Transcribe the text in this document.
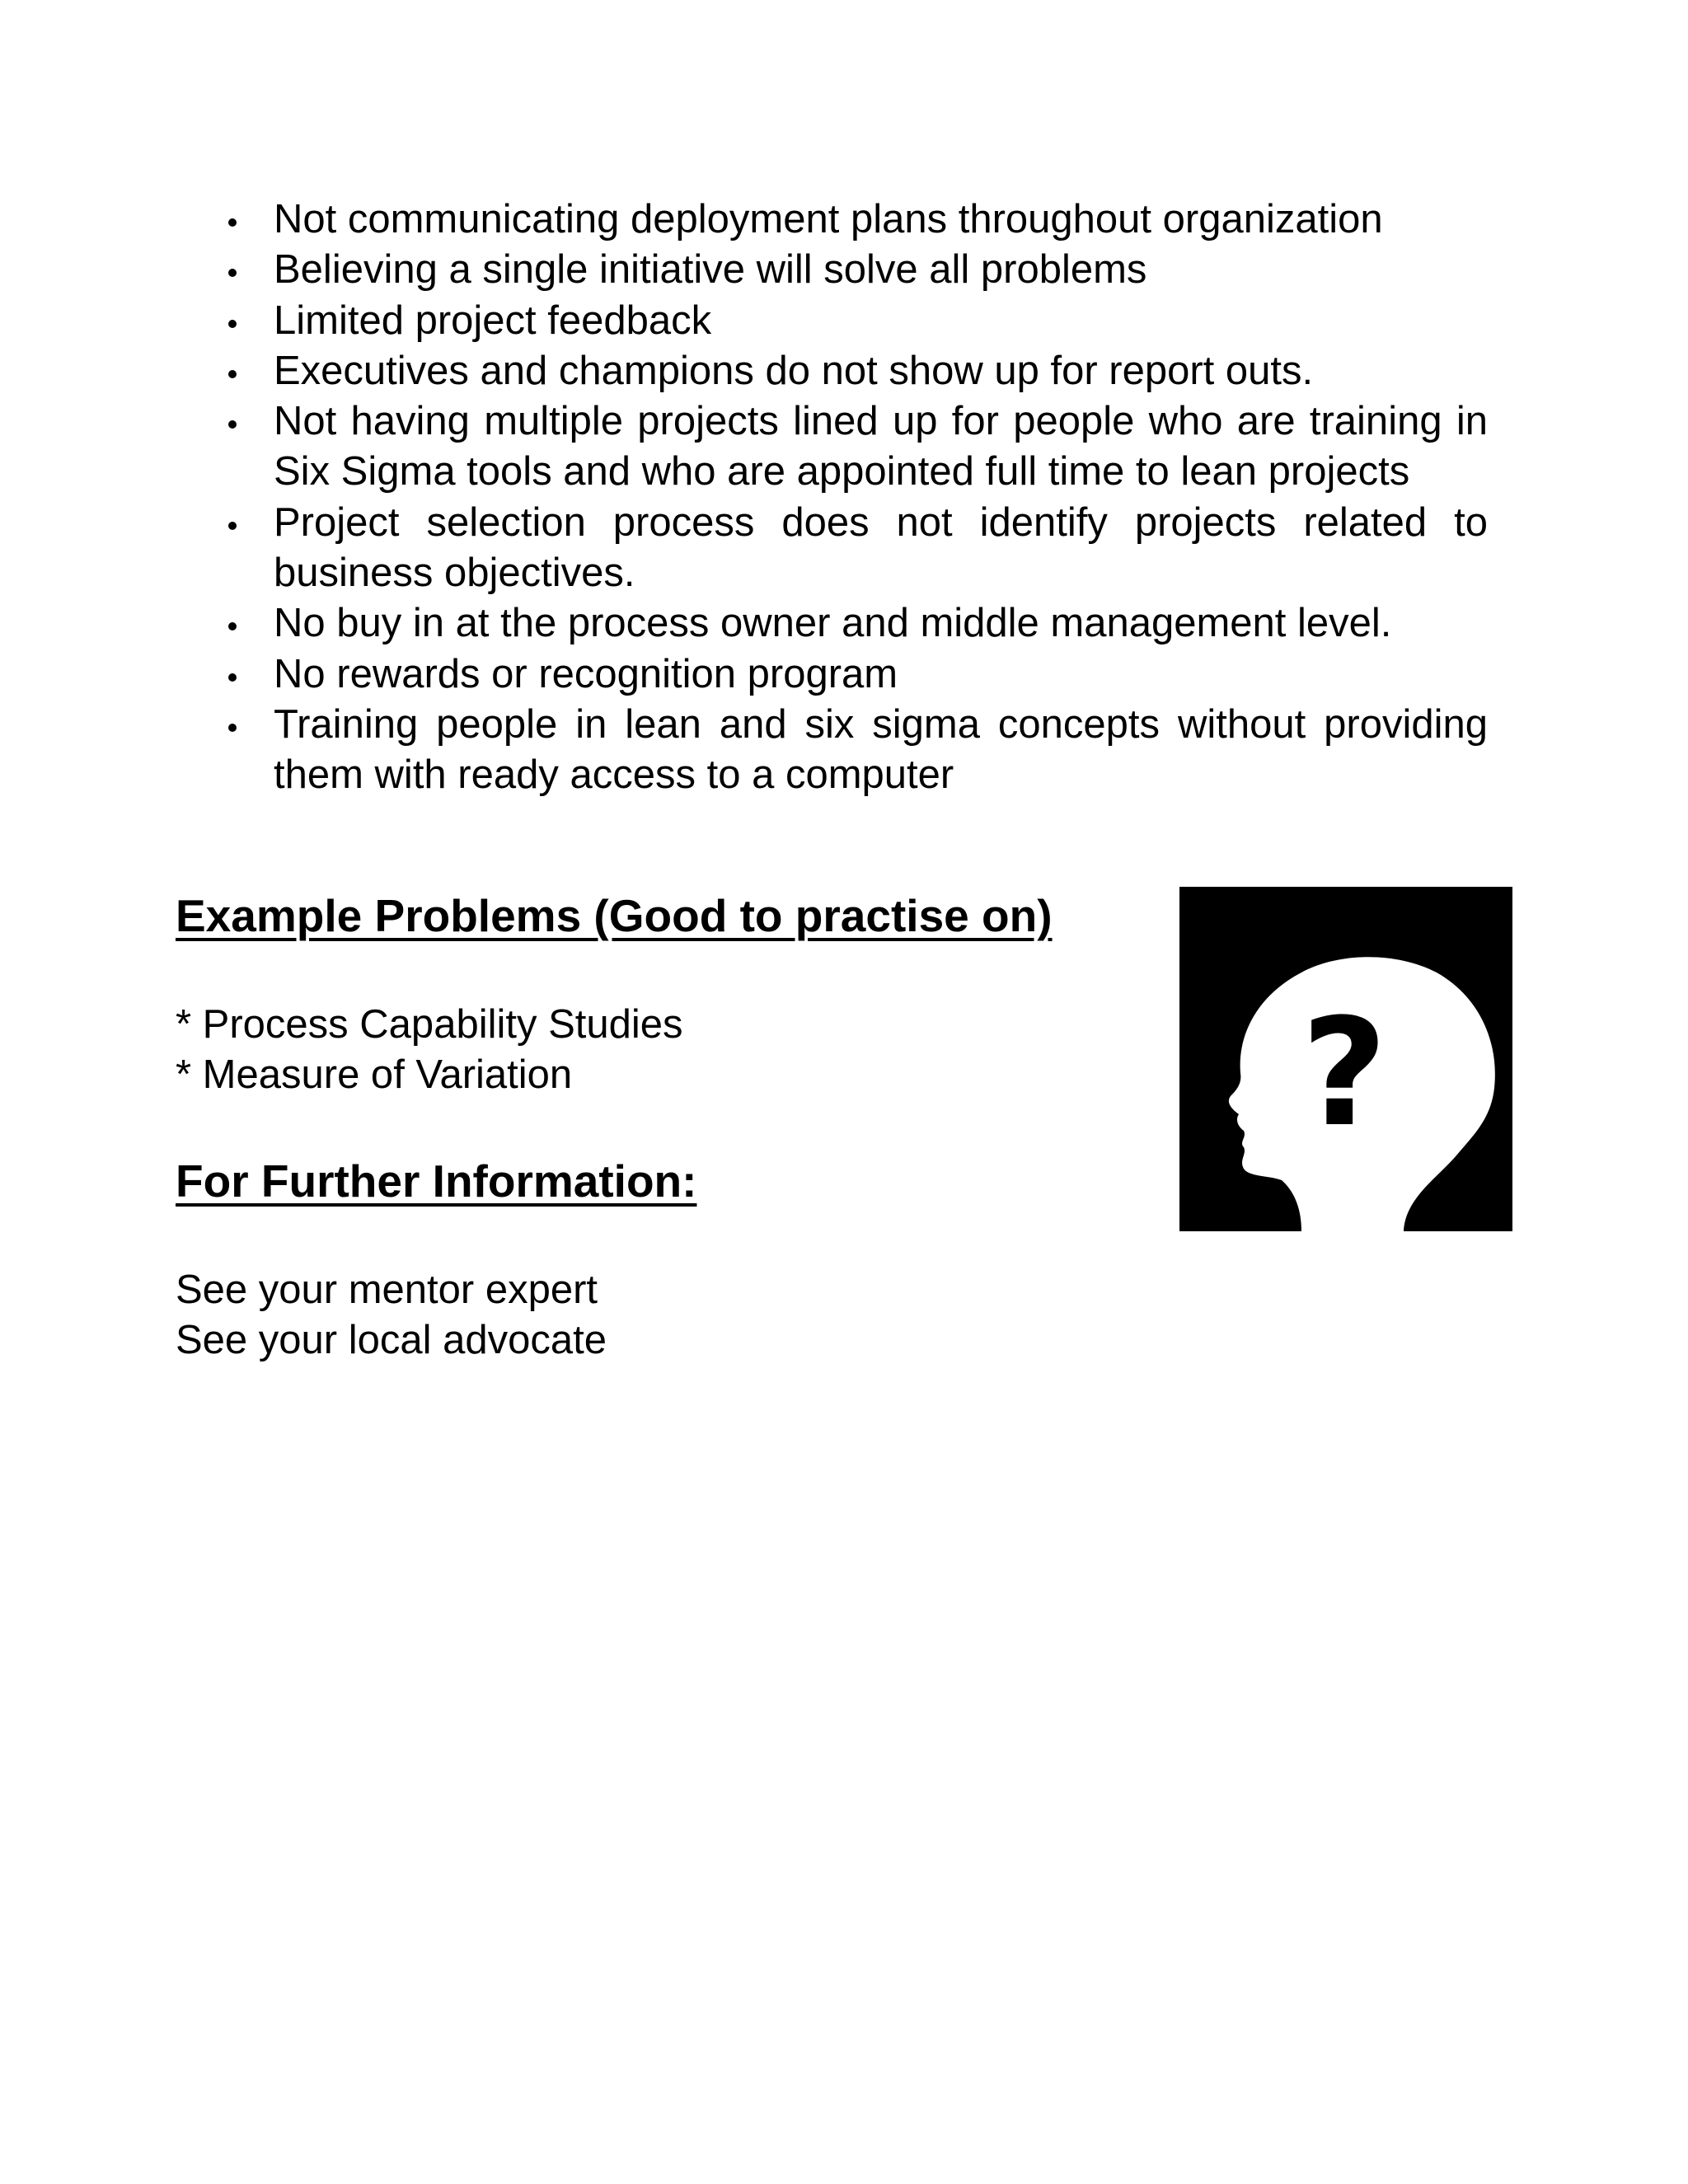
Not communicating deployment plans throughout organization
Believing a single initiative will solve all problems
Limited project feedback
Executives and champions do not show up for report outs.
Not having multiple projects lined up for people who are training in Six Sigma tools and who are appointed full time to lean projects
Project selection process does not identify projects related to business objectives.
No buy in at the process owner and middle management level.
No rewards or recognition program
Training people in lean and six sigma concepts without providing them with ready access to a computer
Example Problems (Good to practise on)
* Process Capability Studies
* Measure of Variation
For Further Information:
See your mentor expert
See your local advocate
?
